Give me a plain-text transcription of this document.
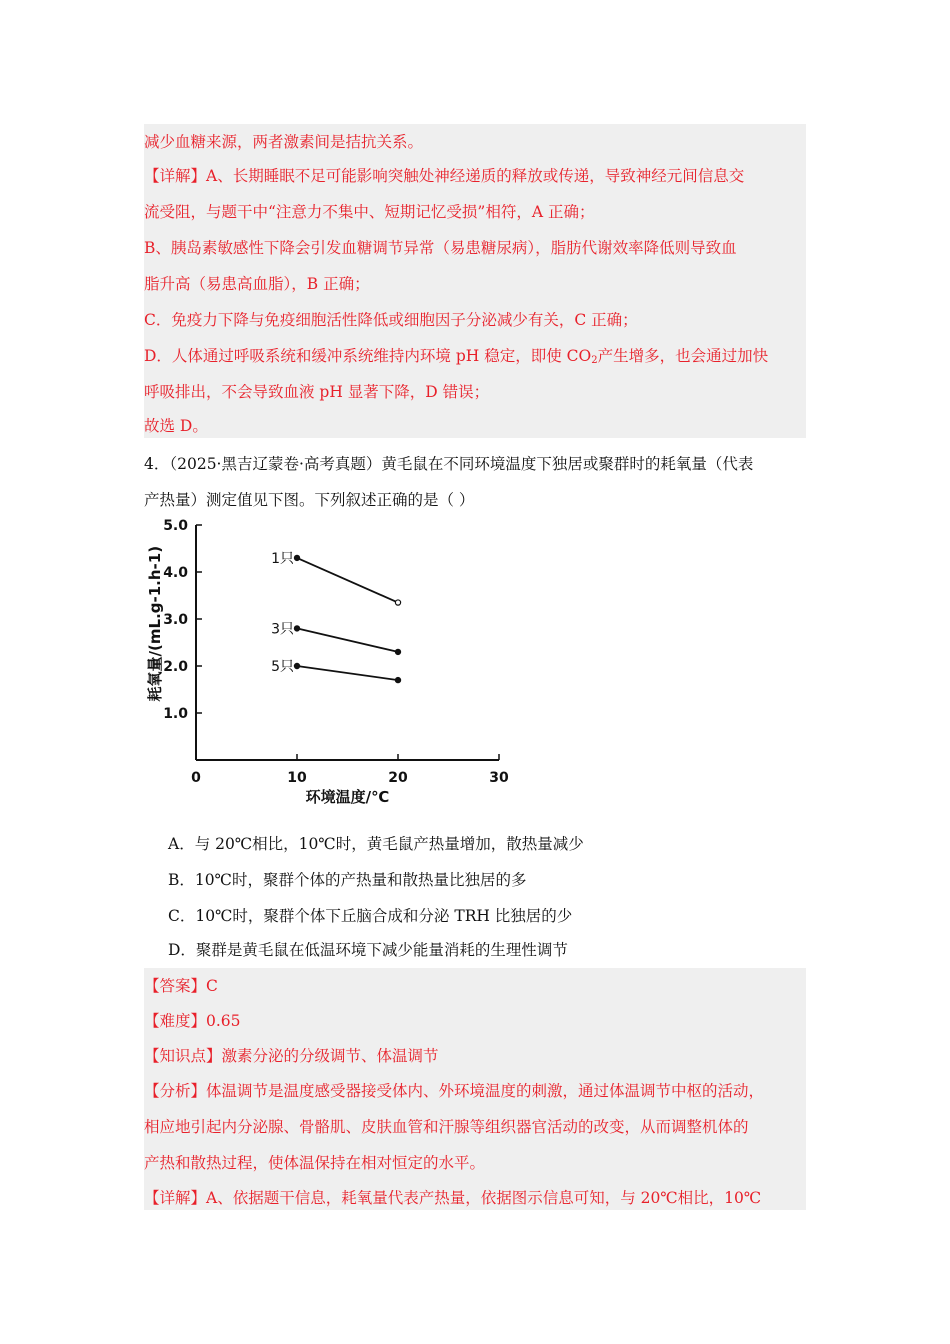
减少血糖来源，两者激素间是拮抗关系。
【详解】A、长期睡眠不足可能影响突触处神经递质的释放或传递，导致神经元间信息交
流受阻，与题干中“注意力不集中、短期记忆受损”相符，A 正确；
B、胰岛素敏感性下降会引发血糖调节异常（易患糖尿病），脂肪代谢效率降低则导致血
脂升高（易患高血脂），B 正确；
C．免疫力下降与免疫细胞活性降低或细胞因子分泌减少有关，C 正确；
D．人体通过呼吸系统和缓冲系统维持内环境 pH 稳定，即使 $CO_2$产生增多，也会通过加快
呼吸排出，不会导致血液 pH 显著下降，D 错误；
故选 D。
4．（2025·黑吉辽蒙卷·高考真题）黄毛鼠在不同环境温度下独居或聚群时的耗氧量（代表
产热量）测定值见下图。下列叙述正确的是（ ）
1.0
2.0
3.0
4.0
5.0
0	10	20	30
环境温度/℃
耗氧量/(mL.g-1.h-1)	1只
3只
5只
A．与 20℃相比，10℃时，黄毛鼠产热量增加，散热量减少
B．10℃时，聚群个体的产热量和散热量比独居的多
C．10℃时，聚群个体下丘脑合成和分泌 TRH 比独居的少
D．聚群是黄毛鼠在低温环境下减少能量消耗的生理性调节
【答案】C
【难度】0.65
【知识点】激素分泌的分级调节、体温调节
【分析】体温调节是温度感受器接受体内、外环境温度的刺激，通过体温调节中枢的活动，
相应地引起内分泌腺、骨骼肌、皮肤血管和汗腺等组织器官活动的改变，从而调整机体的
产热和散热过程，使体温保持在相对恒定的水平。
【详解】A、依据题干信息，耗氧量代表产热量，依据图示信息可知，与 20℃相比，10℃
